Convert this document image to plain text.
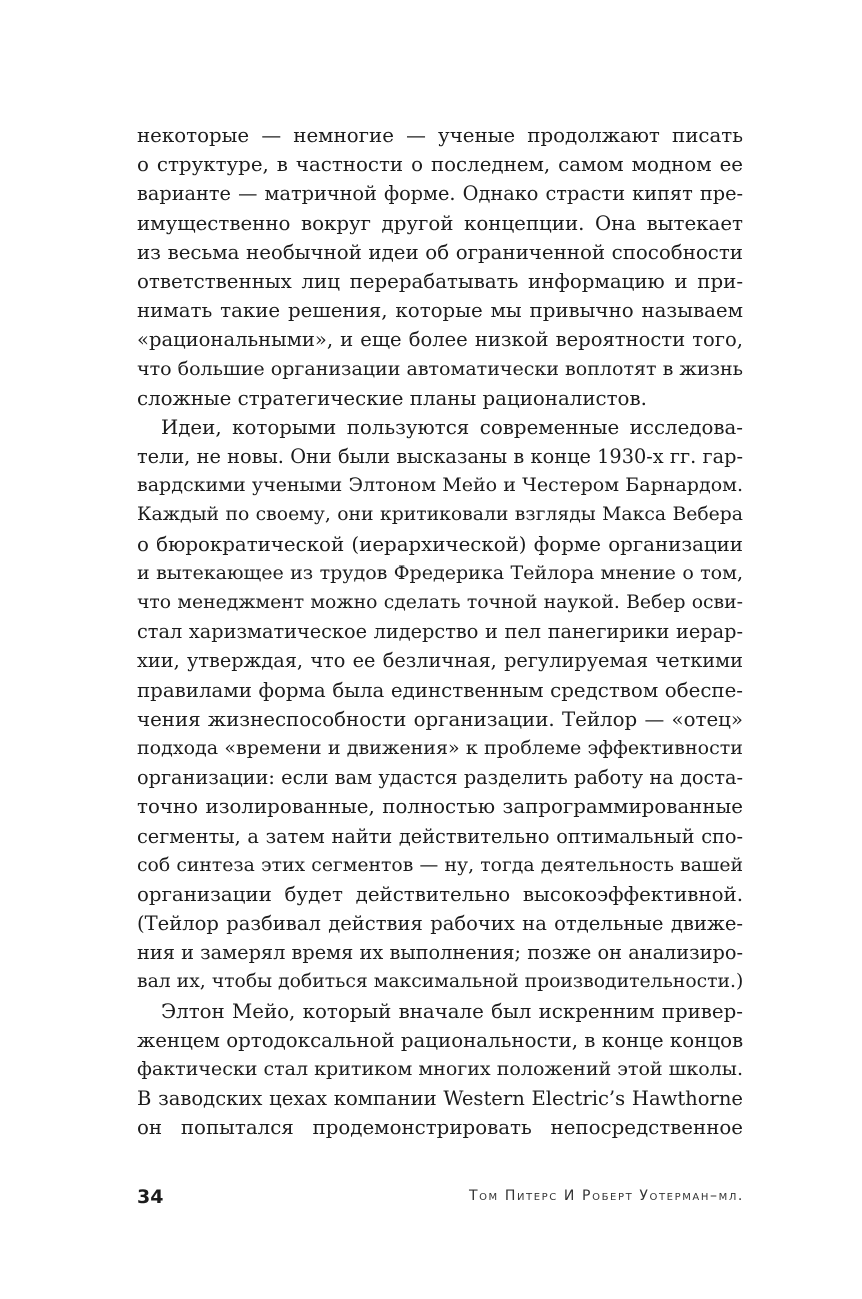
некоторые — немногие — ученые продолжают писать
о структуре, в частности о последнем, самом модном ее
варианте — матричной форме. Однако страсти кипят пре-
имущественно вокруг другой концепции. Она вытекает
из весьма необычной идеи об ограниченной способности
ответственных лиц перерабатывать информацию и при-
нимать такие решения, которые мы привычно называем
«рациональными», и еще более низкой вероятности того,
что большие организации автоматически воплотят в жизнь
сложные стратегические планы рационалистов.
Идеи, которыми пользуются современные исследова-
тели, не новы. Они были высказаны в конце 1930-х гг. гар-
вардскими учеными Элтоном Мейо и Честером Барнардом.
Каждый по своему, они критиковали взгляды Макса Вебера
о бюрократической (иерархической) форме организации
и вытекающее из трудов Фредерика Тейлора мнение о том,
что менеджмент можно сделать точной наукой. Вебер осви-
стал харизматическое лидерство и пел панегирики иерар-
хии, утверждая, что ее безличная, регулируемая четкими
правилами форма была единственным средством обеспе-
чения жизнеспособности организации. Тейлор — «отец»
подхода «времени и движения» к проблеме эффективности
организации: если вам удастся разделить работу на доста-
точно изолированные, полностью запрограммированные
сегменты, а затем найти действительно оптимальный спо-
соб синтеза этих сегментов — ну, тогда деятельность вашей
организации будет действительно высокоэффективной.
(Тейлор разбивал действия рабочих на отдельные движе-
ния и замерял время их выполнения; позже он анализиро-
вал их, чтобы добиться максимальной производительности.)
Элтон Мейо, который вначале был искренним привер-
женцем ортодоксальной рациональности, в конце концов
фактически стал критиком многих положений этой школы.
В заводских цехах компании Western Electric’s Hawthorne
он попытался продемонстрировать непосредственное
34	Том Питерс И Роберт Уотерман–мл.
